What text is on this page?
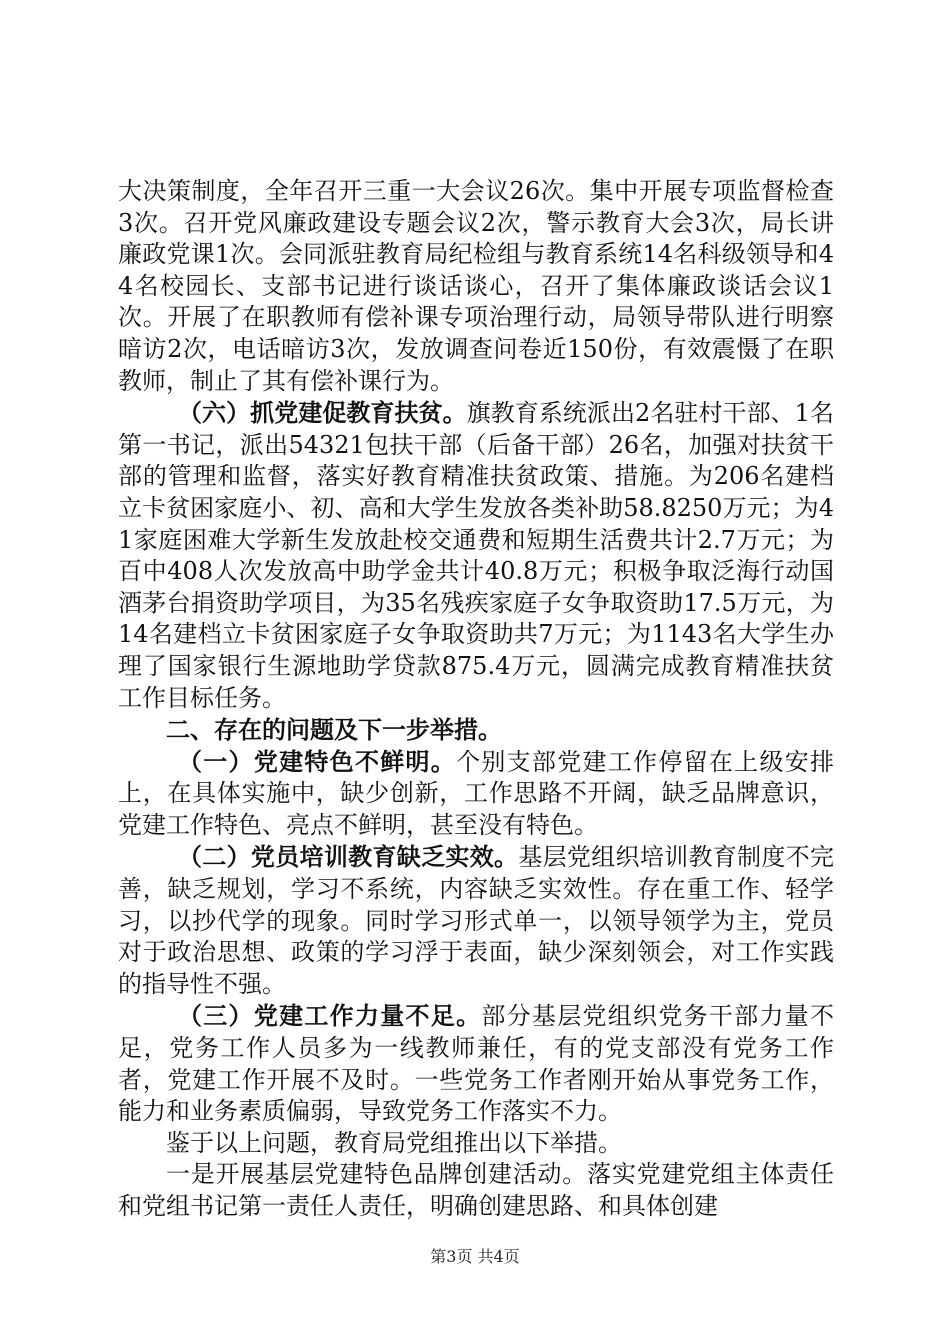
大决策制度，全年召开三重一大会议26次。集中开展专项监督检查3次。召开党风廉政建设专题会议2次，警示教育大会3次，局长讲廉政党课1次。会同派驻教育局纪检组与教育系统14名科级领导和44名校园长、支部书记进行谈话谈心，召开了集体廉政谈话会议1次。开展了在职教师有偿补课专项治理行动，局领导带队进行明察暗访2次，电话暗访3次，发放调查问卷近150份，有效震慑了在职教师，制止了其有偿补课行为。

（六）抓党建促教育扶贫。旗教育系统派出2名驻村干部、1名第一书记，派出54321包扶干部（后备干部）26名，加强对扶贫干部的管理和监督，落实好教育精准扶贫政策、措施。为206名建档立卡贫困家庭小、初、高和大学生发放各类补助58.8250万元；为41家庭困难大学新生发放赴校交通费和短期生活费共计2.7万元；为百中408人次发放高中助学金共计40.8万元；积极争取泛海行动国酒茅台捐资助学项目，为35名残疾家庭子女争取资助17.5万元，为14名建档立卡贫困家庭子女争取资助共7万元；为1143名大学生办理了国家银行生源地助学贷款875.4万元，圆满完成教育精准扶贫工作目标任务。

二、存在的问题及下一步举措。

（一）党建特色不鲜明。个别支部党建工作停留在上级安排上，在具体实施中，缺少创新，工作思路不开阔，缺乏品牌意识，党建工作特色、亮点不鲜明，甚至没有特色。

（二）党员培训教育缺乏实效。基层党组织培训教育制度不完善，缺乏规划，学习不系统，内容缺乏实效性。存在重工作、轻学习，以抄代学的现象。同时学习形式单一，以领导领学为主，党员对于政治思想、政策的学习浮于表面，缺少深刻领会，对工作实践的指导性不强。

（三）党建工作力量不足。部分基层党组织党务干部力量不足，党务工作人员多为一线教师兼任，有的党支部没有党务工作者，党建工作开展不及时。一些党务工作者刚开始从事党务工作，能力和业务素质偏弱，导致党务工作落实不力。

鉴于以上问题，教育局党组推出以下举措。

一是开展基层党建特色品牌创建活动。落实党建党组主体责任和党组书记第一责任人责任，明确创建思路、和具体创建

第3页 共4页
